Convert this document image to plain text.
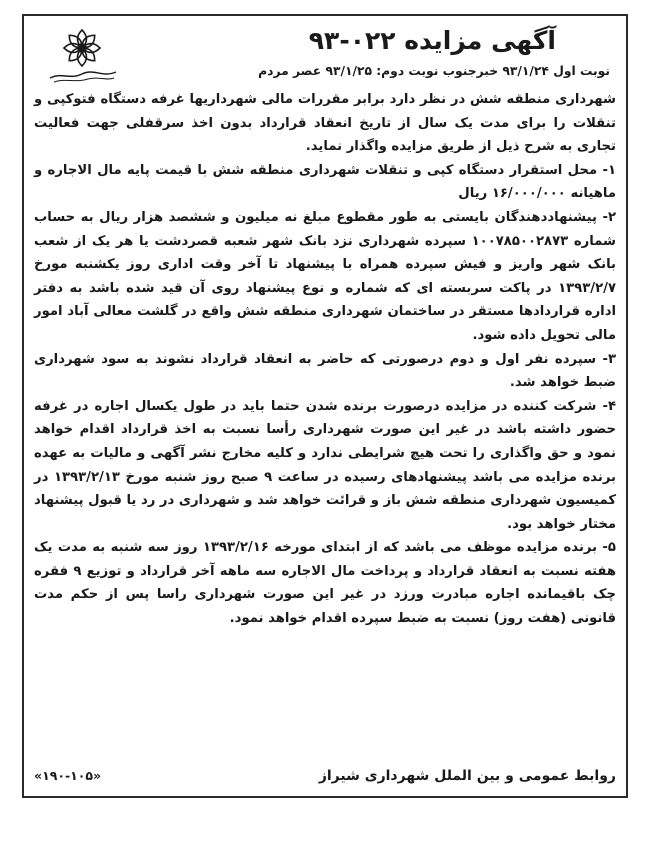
آگهی مزایده ۰۲۲-۹۳
نوبت اول ۹۳/۱/۲۴ خبرجنوب نوبت دوم: ۹۳/۱/۲۵ عصر مردم

شهرداری منطقه شش در نظر دارد برابر مقررات مالی شهرداریها غرفه دستگاه فتوکپی و تنقلات را برای مدت یک سال از تاریخ انعقاد قرارداد بدون اخذ سرقفلی جهت فعالیت تجاری به شرح ذیل از طریق مزایده واگذار نماید.

۱- محل استقرار دستگاه کپی و تنقلات شهرداری منطقه شش با قیمت پایه مال الاجاره و ماهیانه ۱۶/۰۰۰/۰۰۰ ریال

۲- پیشنهاددهندگان بایستی به طور مقطوع مبلغ نه میلیون و ششصد هزار ریال به حساب شماره ۱۰۰۷۸۵۰۰۲۸۷۳ سپرده شهرداری نزد بانک شهر شعبه قصردشت یا هر یک از شعب بانک شهر واریز و فیش سپرده همراه با پیشنهاد تا آخر وقت اداری روز یکشنبه مورخ ۱۳۹۳/۲/۷ در پاکت سربسته ای که شماره و نوع پیشنهاد روی آن قید شده باشد به دفتر اداره قراردادها مستقر در ساختمان شهرداری منطقه شش واقع در گلشت معالی آباد امور مالی تحویل داده شود.

۳- سپرده نفر اول و دوم درصورتی که حاضر به انعقاد قرارداد نشوند به سود شهرداری ضبط خواهد شد.

۴- شرکت کننده در مزایده درصورت برنده شدن حتما باید در طول یکسال اجاره در غرفه حضور داشته باشد در غیر این صورت شهرداری رأسا نسبت به اخذ قرارداد اقدام خواهد نمود و حق واگذاری را تحت هیچ شرایطی ندارد و کلیه مخارج نشر آگهی و مالیات به عهده برنده مزایده می باشد پیشنهادهای رسیده در ساعت ۹ صبح روز شنبه مورخ ۱۳۹۳/۲/۱۳ در کمیسیون شهرداری منطقه شش باز و قرائت خواهد شد و شهرداری در رد یا قبول پیشنهاد مختار خواهد بود.

۵- برنده مزایده موظف می باشد که از ابتدای مورخه ۱۳۹۳/۲/۱۶ روز سه شنبه به مدت یک هفته نسبت به انعقاد قرارداد و پرداخت مال الاجاره سه ماهه آخر قرارداد و توزیع ۹ فقره چک باقیمانده اجاره مبادرت ورزد در غیر این صورت شهرداری راسا پس از حکم مدت قانونی (هفت روز) نسبت به ضبط سپرده اقدام خواهد نمود.

روابط عمومی و بین الملل شهرداری شیراز
«۱۹۰-۱۰۵»
